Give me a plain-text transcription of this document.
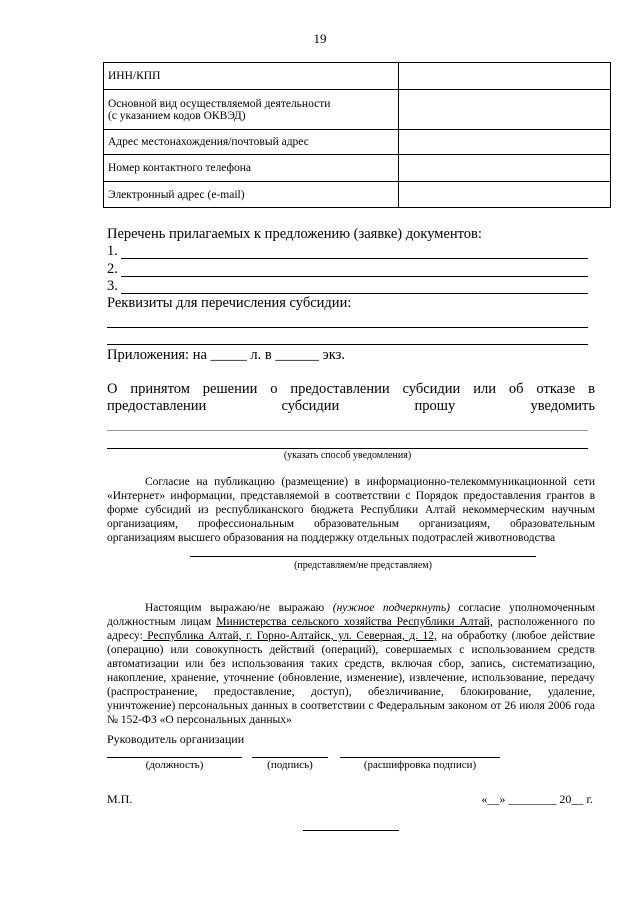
19
ИНН/КПП	
Основной вид осуществляемой деятельности
(с указанием кодов ОКВЭД)	
Адрес местонахождения/почтовый адрес	
Номер контактного телефона	
Электронный адрес (e-mail)	
Перечень прилагаемых к предложению (заявке) документов:
1.
2.
3.
Реквизиты для перечисления субсидии:
Приложения: на _____ л. в ______ экз.
О принятом решении о предоставлении субсидии или об отказе в
предоставлении	субсидии	прошу	уведомить
(указать способ уведомления)

Согласие на публикацию (размещение) в информационно-телекоммуникационной сети «Интернет» информации, представляемой в соответствии с Порядок предоставления грантов в форме субсидий из республиканского бюджета Республики Алтай некоммерческим научным организациям, профессиональным образовательным организациям, образовательным организациям высшего образования на поддержку отдельных подотраслей животноводства

(представляем/не представляем)

Настоящим выражаю/не выражаю (нужное подчеркнуть) согласие уполномоченным должностным лицам Министерства сельского хозяйства Республики Алтай, расположенного по адресу: Республика Алтай, г. Горно-Алтайск, ул. Северная, д. 12, на обработку (любое действие (операцию) или совокупность действий (операций), совершаемых с использованием средств автоматизации или без использования таких средств, включая сбор, запись, систематизацию, накопление, хранение, уточнение (обновление, изменение), извлечение, использование, передачу (распространение, предоставление, доступ), обезличивание, блокирование, удаление, уничтожение) персональных данных в соответствии с Федеральным законом от 26 июля 2006 года № 152-ФЗ «О персональных данных»

Руководитель организации
(должность)	(подпись)	(расшифровка подписи)
М.П.	«__» ________ 20__ г.
